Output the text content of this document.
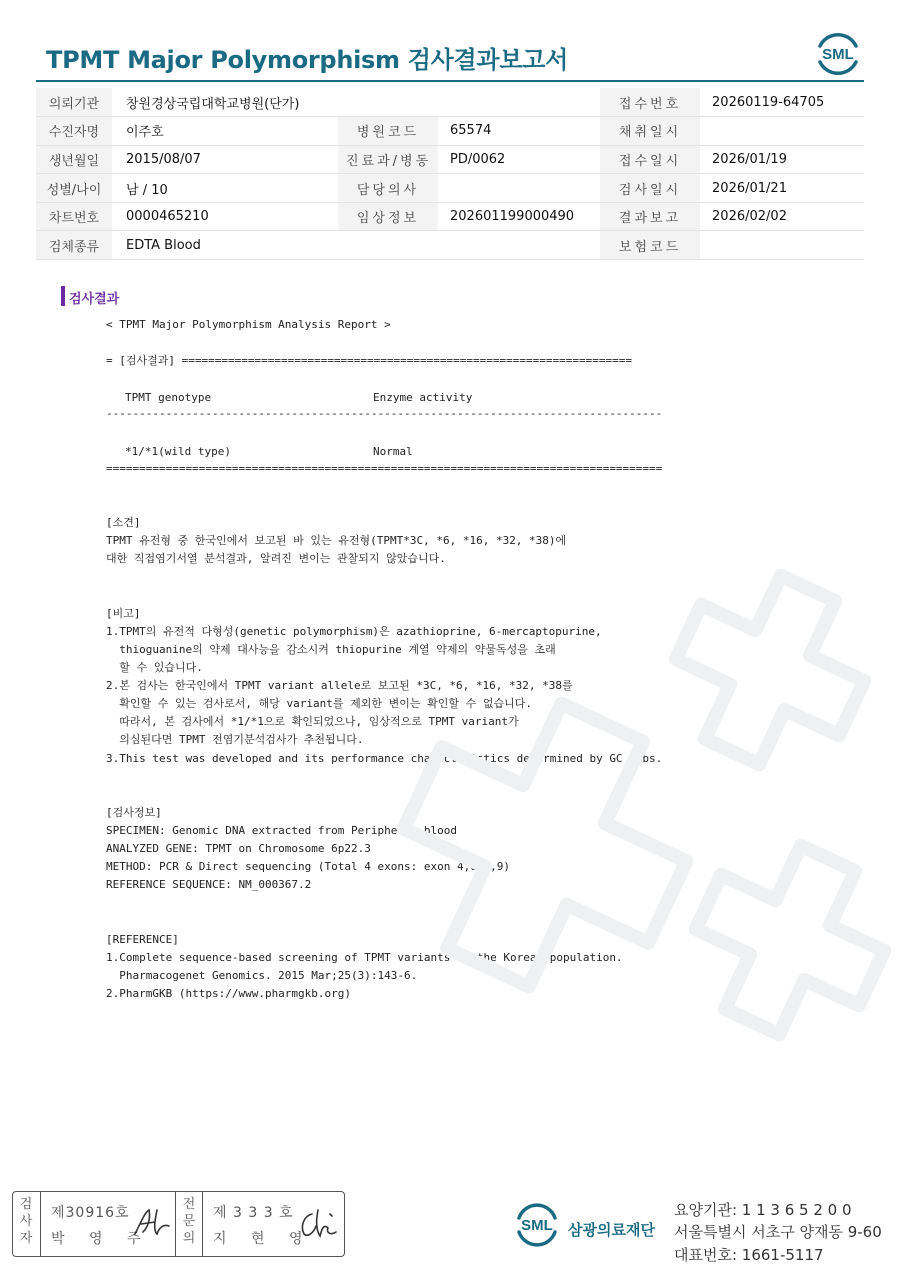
TPMT Major Polymorphism 검사결과보고서	SML
의뢰기관	창원경상국립대학교병원(단가)			접수번호	20260119-64705
수진자명	이주호	병원코드	65574	채취일시	
생년월일	2015/08/07	진료과/병동	PD/0062	접수일시	2026/01/19
성별/나이	남 / 10	담당의사		검사일시	2026/01/21
차트번호	0000465210	임상정보	202601199000490	결과보고	2026/02/02
검체종류	EDTA Blood			보험코드	
검사결과
< TPMT Major Polymorphism Analysis Report >
= [검사결과] ====================================================================
TPMT genotype	Enzyme activity
------------------------------------------------------------------------------------
*1/*1(wild type)	Normal
====================================================================================
[소견]
TPMT 유전형 중 한국인에서 보고된 바 있는 유전형(TPMT*3C, *6, *16, *32, *38)에
대한 직접염기서열 분석결과, 알려진 변이는 관찰되지 않았습니다.
[비고]
1.TPMT의 유전적 다형성(genetic polymorphism)은 azathioprine, 6-mercaptopurine,
thioguanine의 약제 대사능을 감소시켜 thiopurine 계열 약제의 약물독성을 초래
할 수 있습니다.
2.본 검사는 한국인에서 TPMT variant allele로 보고된 *3C, *6, *16, *32, *38를
확인할 수 있는 검사로서, 해당 variant를 제외한 변이는 확인할 수 없습니다.
따라서, 본 검사에서 *1/*1으로 확인되었으나, 임상적으로 TPMT variant가
의심된다면 TPMT 전염기분석검사가 추천됩니다.
3.This test was developed and its performance characteristics determined by GC Labs.
[검사정보]
SPECIMEN: Genomic DNA extracted from Peripheral blood
ANALYZED GENE: TPMT on Chromosome 6p22.3
METHOD: PCR & Direct sequencing (Total 4 exons: exon 4,6,7,9)
REFERENCE SEQUENCE: NM_000367.2
[REFERENCE]
1.Complete sequence-based screening of TPMT variants in the Korean population.
Pharmacogenet Genomics. 2015 Mar;25(3):143-6.
2.PharmGKB (https://www.pharmgkb.org)
검
사
자
제30916호
박 영 주
전
문
의
제 3 3 3 호
지 현 영
SML 삼광의료재단
요양기관: 1 1 3 6 5 2 0 0
서울특별시 서초구 양재동 9-60
대표번호: 1661-5117
